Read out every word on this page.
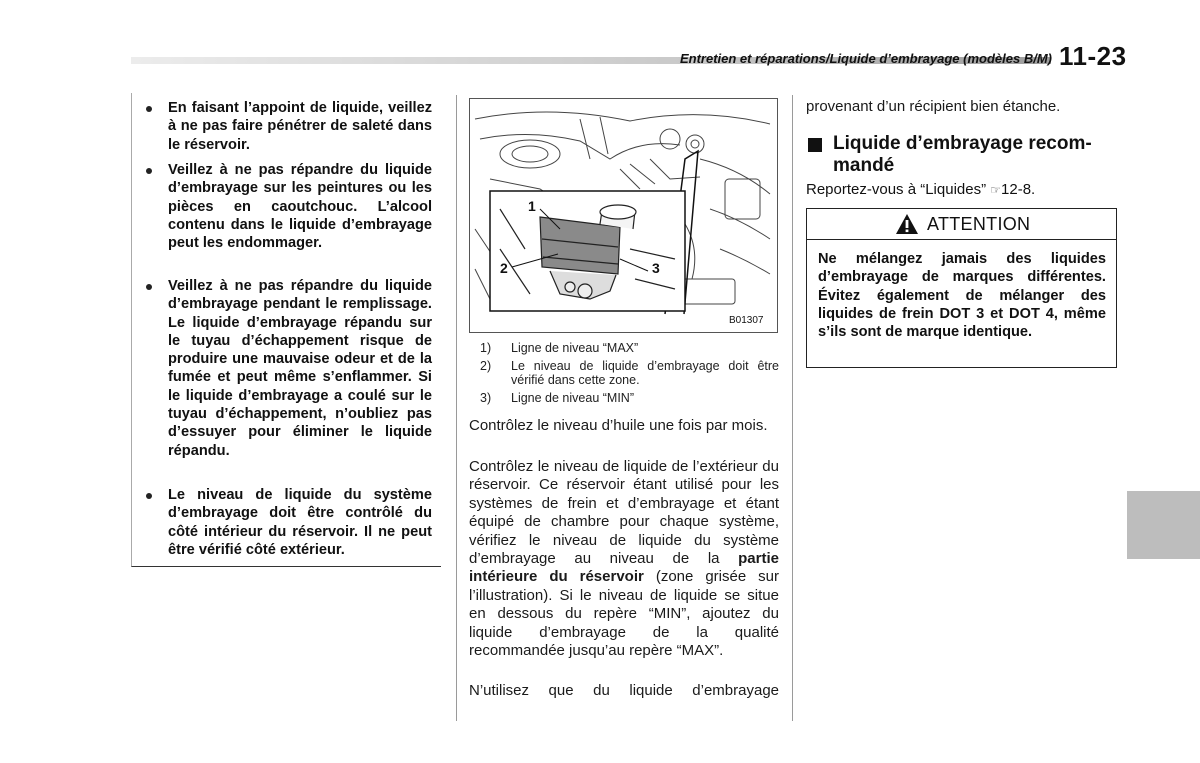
Entretien et réparations/Liquide d’embrayage (modèles B/M) 11-23
En faisant l’appoint de liquide, veillez à ne pas faire pénétrer de saleté dans le réservoir.
Veillez à ne pas répandre du liquide d’embrayage sur les peintures ou les pièces en caoutchouc. L’alcool contenu dans le liquide d’embrayage peut les endommager.
Veillez à ne pas répandre du liquide d’embrayage pendant le remplissage. Le liquide d’embrayage répandu sur le tuyau d’échappement risque de produire une mauvaise odeur et de la fumée et peut même s’enflammer. Si le liquide d’embrayage a coulé sur le tuyau d’échappement, n’oubliez pas d’essuyer pour éliminer le liquide répandu.
Le niveau de liquide du système d’embrayage doit être contrôlé du côté intérieur du réservoir. Il ne peut être vérifié côté extérieur.
1
2	3
B01307
1)	Ligne de niveau “MAX”
2)	Le niveau de liquide d’embrayage doit être vérifié dans cette zone.
3)	Ligne de niveau “MIN”
Contrôlez le niveau d’huile une fois par mois.
Contrôlez le niveau de liquide de l’extérieur du réservoir. Ce réservoir étant utilisé pour les systèmes de frein et d’embrayage et étant équipé de chambre pour chaque système, vérifiez le niveau de liquide du système d’embrayage au niveau de la partie intérieure du réservoir (zone grisée sur l’illustration). Si le niveau de liquide se situe en dessous du repère “MIN”, ajoutez du liquide d’embrayage de la qualité recommandée jusqu’au repère “MAX”.
N’utilisez que du liquide d’embrayage
provenant d’un récipient bien étanche.
Liquide d’embrayage recom-
mandé
Reportez-vous à “Liquides” ☞12-8.
ATTENTION
Ne mélangez jamais des liquides d’embrayage de marques différentes. Évitez également de mélanger des liquides de frein DOT 3 et DOT 4, même s’ils sont de marque identique.
